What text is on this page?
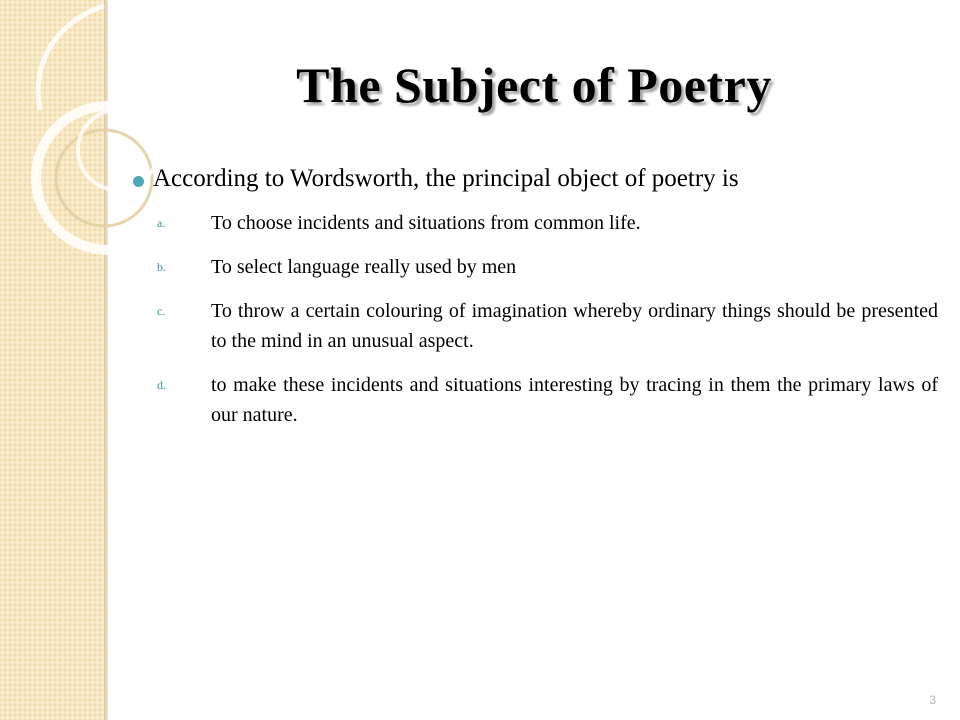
The Subject of Poetry
According to Wordsworth, the principal object of poetry is
a.	To choose incidents and situations from common life.
b.	To select language really used by men
c.	To throw a certain colouring of imagination whereby ordinary things should be presented to the mind in an unusual aspect.
d.	to make these incidents and situations interesting by tracing in them the primary laws of our nature.
3
